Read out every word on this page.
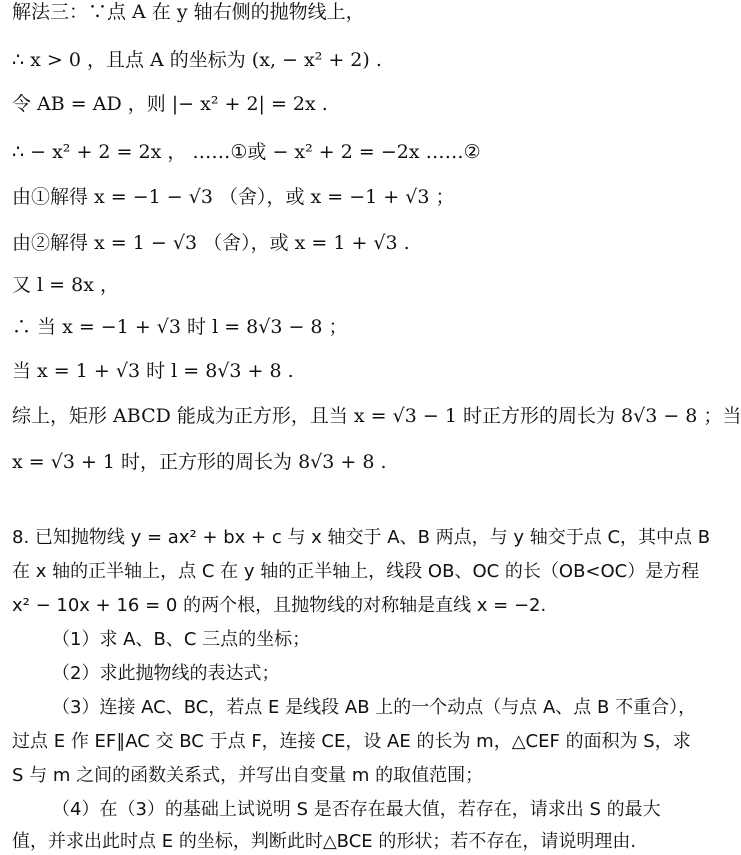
解法三：∵点 A 在 y 轴右侧的抛物线上，
∴ x > 0 ，且点 A 的坐标为 (x, − x² + 2) .
令 AB = AD ，则 |− x² + 2| = 2x .
∴ − x² + 2 = 2x ， ……①或 − x² + 2 = −2x ……②
由①解得 x = −1 − √3 （舍），或 x = −1 + √3 ；
由②解得 x = 1 − √3 （舍），或 x = 1 + √3 .
又 l = 8x ，
∴ 当 x = −1 + √3 时 l = 8√3 − 8 ；
当 x = 1 + √3 时 l = 8√3 + 8 .
综上，矩形 ABCD 能成为正方形，且当 x = √3 − 1 时正方形的周长为 8√3 − 8 ；当
x = √3 + 1 时，正方形的周长为 8√3 + 8 .
8. 已知抛物线 y = ax² + bx + c 与 x 轴交于 A、B 两点，与 y 轴交于点 C，其中点 B
在 x 轴的正半轴上，点 C 在 y 轴的正半轴上，线段 OB、OC 的长（OB<OC）是方程
x² − 10x + 16 = 0 的两个根，且抛物线的对称轴是直线 x = −2.
（1）求 A、B、C 三点的坐标；
（2）求此抛物线的表达式；
（3）连接 AC、BC，若点 E 是线段 AB 上的一个动点（与点 A、点 B 不重合），
过点 E 作 EF∥AC 交 BC 于点 F，连接 CE，设 AE 的长为 m，△CEF 的面积为 S，求
S 与 m 之间的函数关系式，并写出自变量 m 的取值范围；
（4）在（3）的基础上试说明 S 是否存在最大值，若存在，请求出 S 的最大
值，并求出此时点 E 的坐标，判断此时△BCE 的形状；若不存在，请说明理由.
